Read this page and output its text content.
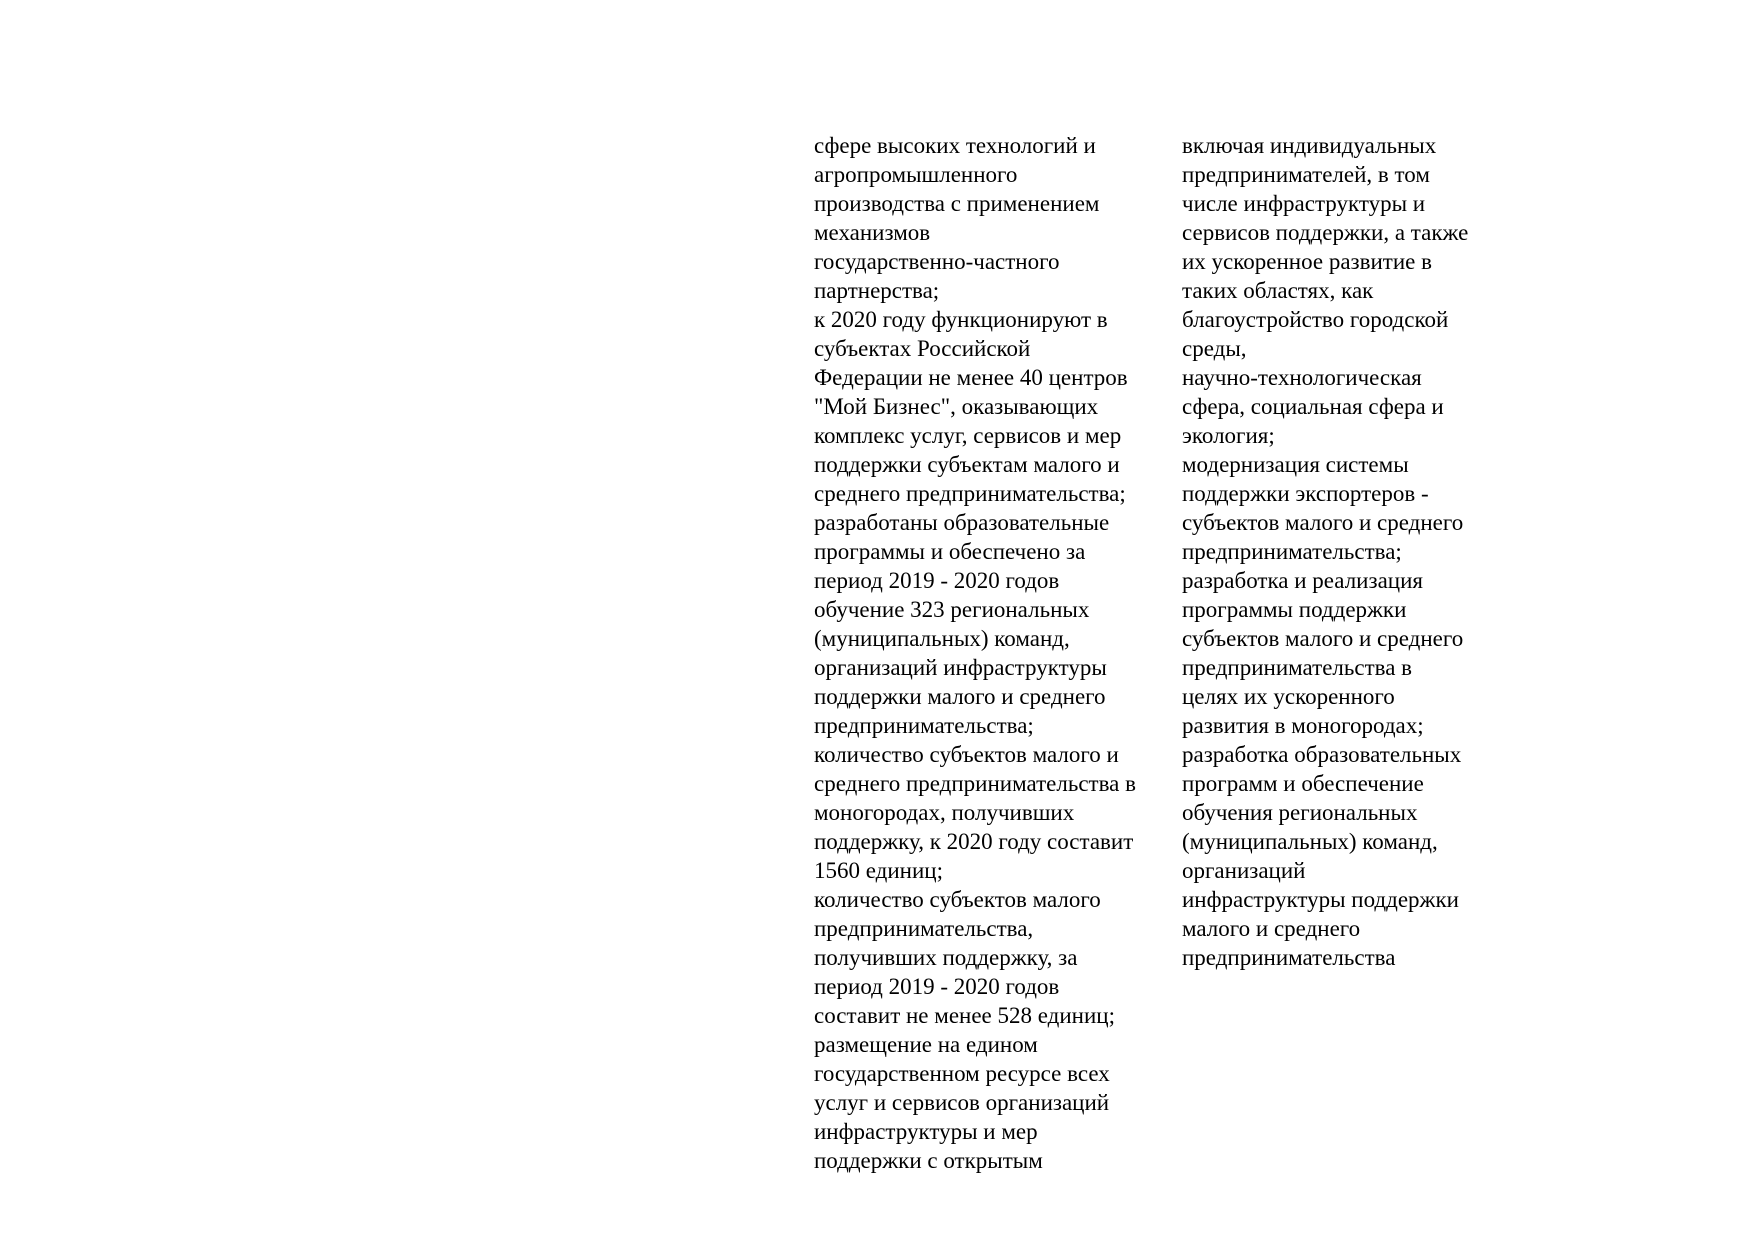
сфере высоких технологий и
агропромышленного
производства с применением
механизмов
государственно-частного
партнерства;
к 2020 году функционируют в
субъектах Российской
Федерации не менее 40 центров
"Мой Бизнес", оказывающих
комплекс услуг, сервисов и мер
поддержки субъектам малого и
среднего предпринимательства;
разработаны образовательные
программы и обеспечено за
период 2019 - 2020 годов
обучение 323 региональных
(муниципальных) команд,
организаций инфраструктуры
поддержки малого и среднего
предпринимательства;
количество субъектов малого и
среднего предпринимательства в
моногородах, получивших
поддержку, к 2020 году составит
1560 единиц;
количество субъектов малого
предпринимательства,
получивших поддержку, за
период 2019 - 2020 годов
составит не менее 528 единиц;
размещение на едином
государственном ресурсе всех
услуг и сервисов организаций
инфраструктуры и мер
поддержки с открытым
включая индивидуальных
предпринимателей, в том
числе инфраструктуры и
сервисов поддержки, а также
их ускоренное развитие в
таких областях, как
благоустройство городской
среды,
научно-технологическая
сфера, социальная сфера и
экология;
модернизация системы
поддержки экспортеров -
субъектов малого и среднего
предпринимательства;
разработка и реализация
программы поддержки
субъектов малого и среднего
предпринимательства в
целях их ускоренного
развития в моногородах;
разработка образовательных
программ и обеспечение
обучения региональных
(муниципальных) команд,
организаций
инфраструктуры поддержки
малого и среднего
предпринимательства
